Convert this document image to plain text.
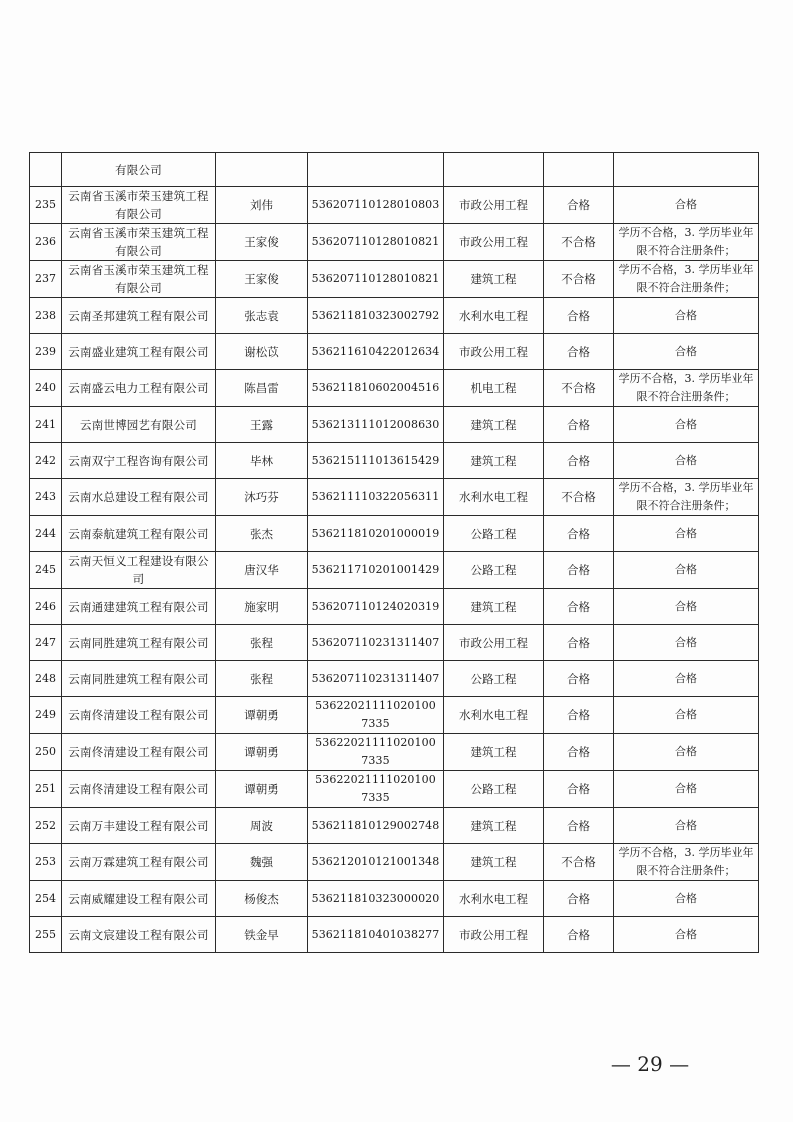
	有限公司					
235	云南省玉溪市荣玉建筑工程有限公司	刘伟	536207110128010803	市政公用工程	合格	合格
236	云南省玉溪市荣玉建筑工程有限公司	王家俊	536207110128010821	市政公用工程	不合格	学历不合格，3. 学历毕业年限不符合注册条件；
237	云南省玉溪市荣玉建筑工程有限公司	王家俊	536207110128010821	建筑工程	不合格	学历不合格，3. 学历毕业年限不符合注册条件；
238	云南圣邦建筑工程有限公司	张志袁	536211810323002792	水利水电工程	合格	合格
239	云南盛业建筑工程有限公司	谢松苡	536211610422012634	市政公用工程	合格	合格
240	云南盛云电力工程有限公司	陈昌雷	536211810602004516	机电工程	不合格	学历不合格，3. 学历毕业年限不符合注册条件；
241	云南世博园艺有限公司	王露	536213111012008630	建筑工程	合格	合格
242	云南双宁工程咨询有限公司	毕林	536215111013615429	建筑工程	合格	合格
243	云南水总建设工程有限公司	沐巧芬	536211110322056311	水利水电工程	不合格	学历不合格，3. 学历毕业年限不符合注册条件；
244	云南泰航建筑工程有限公司	张杰	536211810201000019	公路工程	合格	合格
245	云南天恒义工程建设有限公司	唐汉华	536211710201001429	公路工程	合格	合格
246	云南通建建筑工程有限公司	施家明	536207110124020319	建筑工程	合格	合格
247	云南同胜建筑工程有限公司	张程	536207110231311407	市政公用工程	合格	合格
248	云南同胜建筑工程有限公司	张程	536207110231311407	公路工程	合格	合格
249	云南佟清建设工程有限公司	谭朝勇	53622021111020100 7335	水利水电工程	合格	合格
250	云南佟清建设工程有限公司	谭朝勇	53622021111020100 7335	建筑工程	合格	合格
251	云南佟清建设工程有限公司	谭朝勇	53622021111020100 7335	公路工程	合格	合格
252	云南万丰建设工程有限公司	周波	536211810129002748	建筑工程	合格	合格
253	云南万霖建筑工程有限公司	魏强	536212010121001348	建筑工程	不合格	学历不合格，3. 学历毕业年限不符合注册条件；
254	云南威耀建设工程有限公司	杨俊杰	536211810323000020	水利水电工程	合格	合格
255	云南文宸建设工程有限公司	铁金早	536211810401038277	市政公用工程	合格	合格
— 29 —
